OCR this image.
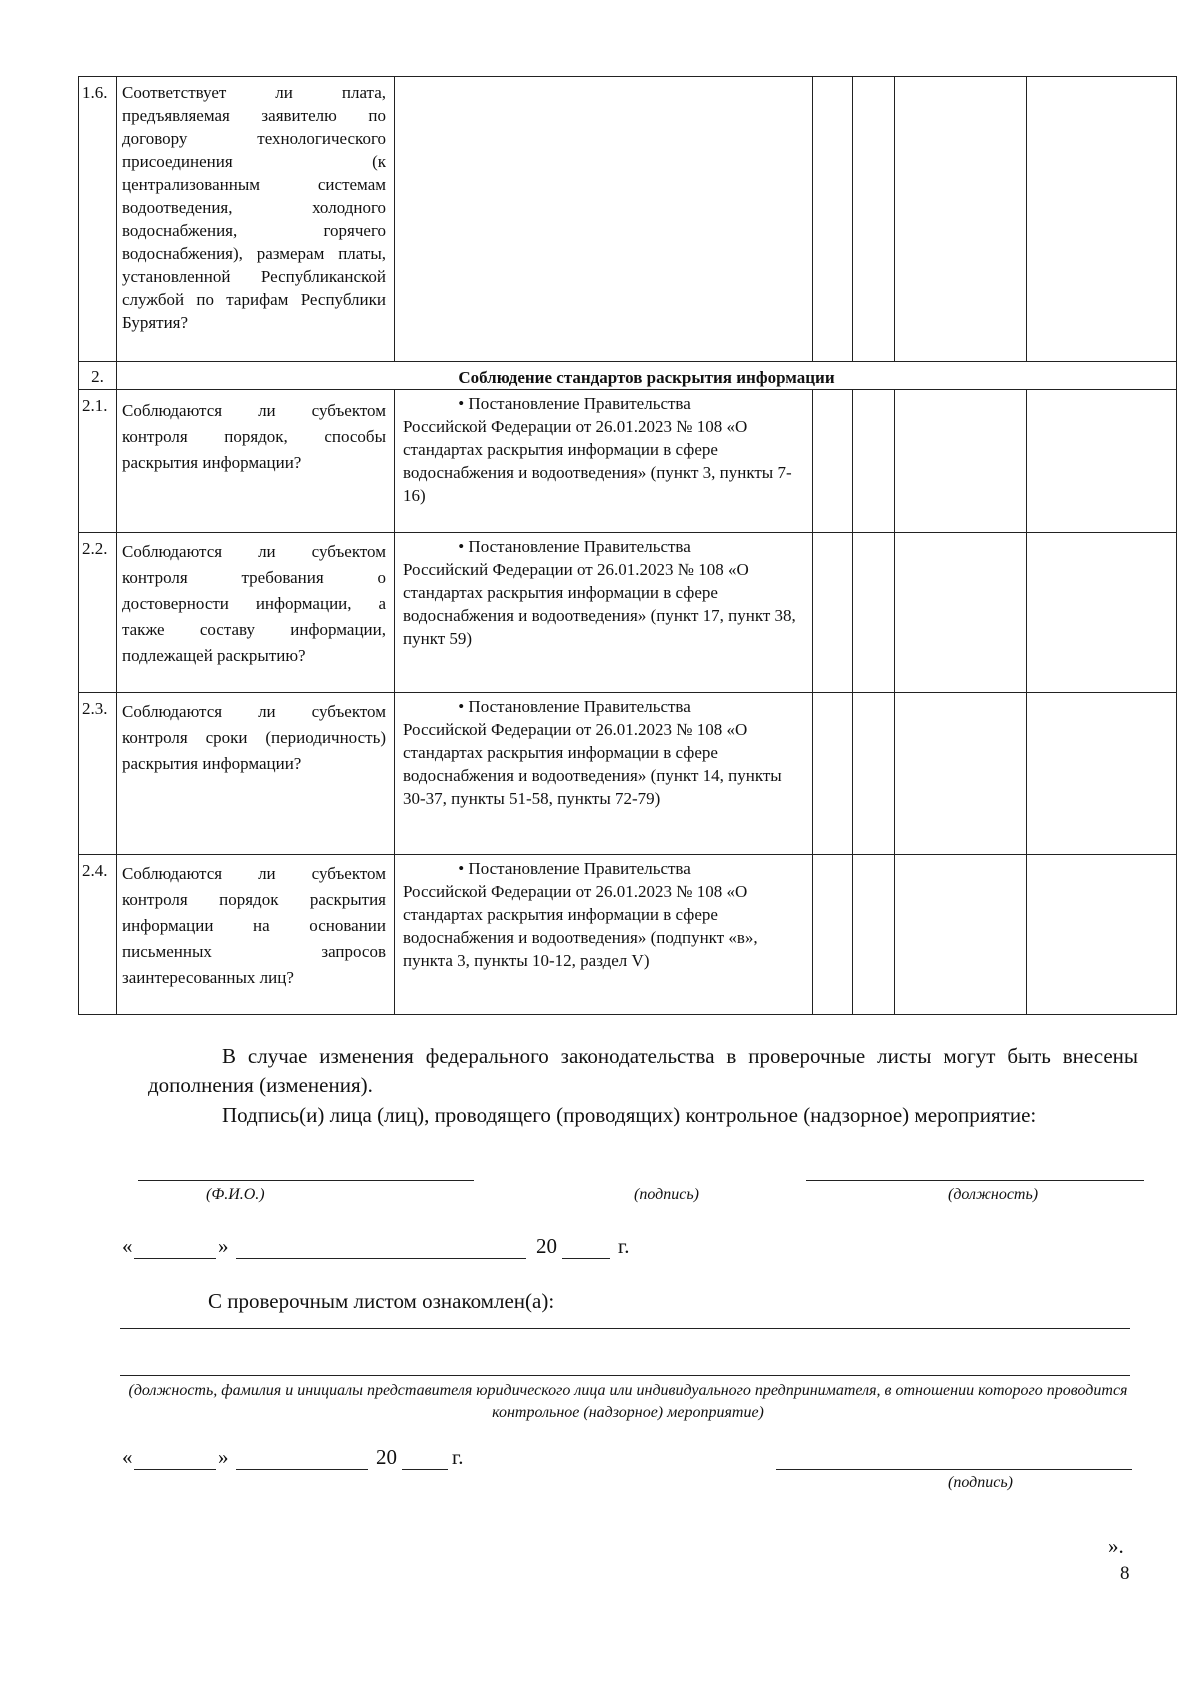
1.6.	Соответствует ли плата, предъявляемая заявителю по договору технологического присоединения (к централизованным системам водоотведения, холодного водоснабжения, горячего водоснабжения), размерам платы, установленной Республиканской службой по тарифам Республики Бурятия?					
2.	Соблюдение стандартов раскрытия информации					
2.1.	Соблюдаются ли субъектом контроля порядок, способы раскрытия информации?	• Постановление Правительства
Российской Федерации от 26.01.2023 № 108 «О стандартах раскрытия информации в сфере водоснабжения и водоотведения» (пункт 3, пункты 7-16)				
2.2.	Соблюдаются ли субъектом контроля требования о достоверности информации, а также составу информации, подлежащей раскрытию?	• Постановление Правительства
Российский Федерации от 26.01.2023 № 108 «О стандартах раскрытия информации в сфере водоснабжения и водоотведения» (пункт 17, пункт 38, пункт 59)				
2.3.	Соблюдаются ли субъектом контроля сроки (периодичность) раскрытия информации?	• Постановление Правительства
Российской Федерации от 26.01.2023 № 108 «О стандартах раскрытия информации в сфере водоснабжения и водоотведения» (пункт 14, пункты 30-37, пункты 51-58, пункты 72-79)				
2.4.	Соблюдаются ли субъектом контроля порядок раскрытия информации на основании письменных запросов заинтересованных лиц?	• Постановление Правительства
Российской Федерации от 26.01.2023 № 108 «О стандартах раскрытия информации в сфере водоснабжения и водоотведения» (подпункт «в», пункта 3, пункты 10-12, раздел V)				
В случае изменения федерального законодательства в проверочные листы могут быть внесены дополнения (изменения).
Подпись(и) лица (лиц), проводящего (проводящих) контрольное (надзорное) мероприятие:
(Ф.И.О.)	(подпись)	(должность)
«	»	20	г.
С проверочным листом ознакомлен(а):
(должность, фамилия и инициалы представителя юридического лица или индивидуального предпринимателя, в отношении которого проводится контрольное (надзорное) мероприятие)
«	»	20	г.
(подпись)
».
8
